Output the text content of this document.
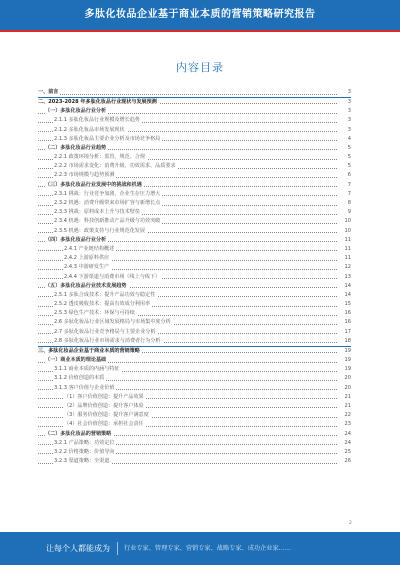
多肽化妆品企业基于商业本质的营销策略研究报告
内容目录
一、前言	3
二、2023-2028 年多肽化妆品行业现状与发展预测	3
（一）多肽化妆品行业分析	3
2.1.1 多肽化妆品行业规模及增长趋势	3
2.1.2 多肽化妆品市场发展现状	3
2.1.3 多肽化妆品主要企业分析及市场竞争格局	4
（二）多肽化妆品行业趋势	5
2.2.1 政策环境分析：监管、规范、合规	5
2.2.2 市场需求变化：消费升级、功效需求、品质要求	5
2.2.3 市场规模与趋势预测	6
（三）多肽化妆品行业发展中的挑战和机遇	7
2.3.1 挑战：行业竞争加剧，企业生存压力增大	7
2.3.2 机遇：消费升级带来市场扩容与新增长点	8
2.3.3 挑战：原料成本上升与技术壁垒	9
2.3.4 机遇：科技创新推动产品升级与功效突破	10
2.3.5 机遇：政策支持与行业规范化发展	10
（四）多肽化妆品行业分析	11
2.4.1 产业链结构概述	11
2.4.2 上游原料供应	11
2.4.3 中游研发生产	12
2.4.4 下游渠道与消费市场（线上与线下）	13
（五）多肽化妆品行业技术发展趋势	14
2.5.1 多肽合成技术：提升产品功效与稳定性	14
2.5.2 透皮吸收技术：提高有效成分利用率	15
2.5.3 绿色生产技术：环保与可持续	16
2.6 多肽化妆品行业区域发展格局与市场集中度分析	16
2.7 多肽化妆品行业竞争格局与主要企业分析	17
2.8 多肽化妆品行业市场需求与消费者行为分析	18
三、多肽化妆品企业基于商业本质的营销策略	19
（一）商业本质的理论基础	19
3.1.1 商业本质的内涵与特征	19
3.1.2 价值创造的本质	20
3.1.3 客户价值与企业价值	20
（1）客户价值创造：提升产品效果	21
（2）品牌价值创造：提升客户体验	21
（3）服务价值创造：提升客户满意度	22
（4）社会价值创造：承担社会责任	23
（二）多肽化妆品的营销策略	24
3.2.1 产品策略：功效定位	24
3.2.2 价格策略：价值导向	25
3.2.3 渠道策略：全渠道	26
2
让每个人都能成为 行业专家、管理专家、营销专家、战略专家、成功企业家……
